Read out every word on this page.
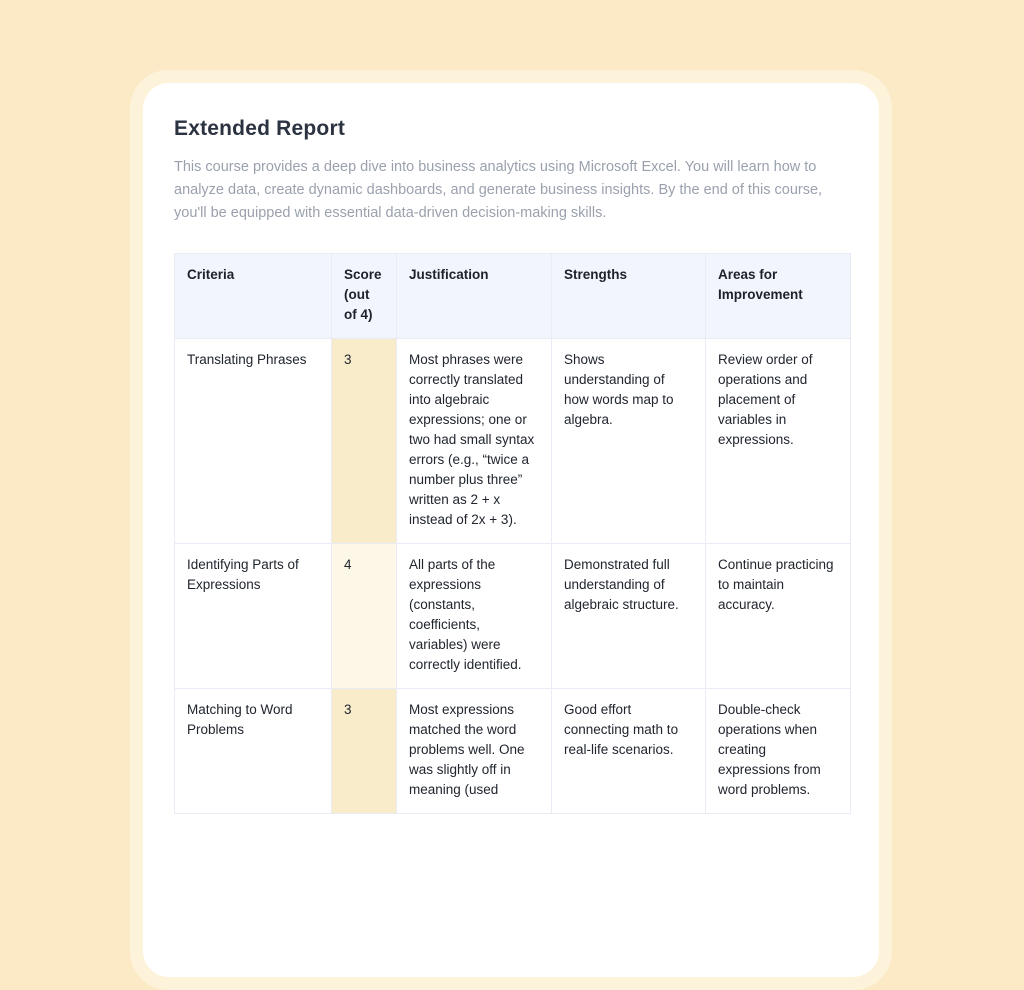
Extended Report

This course provides a deep dive into business analytics using Microsoft Excel. You will learn how to analyze data, create dynamic dashboards, and generate business insights. By the end of this course, you'll be equipped with essential data-driven decision-making skills.

Criteria	Score (out of 4)	Justification	Strengths	Areas for Improvement
Translating Phrases	3	Most phrases were correctly translated into algebraic expressions; one or two had small syntax errors (e.g., “twice a number plus three” written as 2 + x instead of 2x + 3).	Shows understanding of how words map to algebra.	Review order of operations and placement of variables in expressions.
Identifying Parts of Expressions	4	All parts of the expressions (constants, coefficients, variables) were correctly identified.	Demonstrated full understanding of algebraic structure.	Continue practicing to maintain accuracy.
Matching to Word Problems	3	Most expressions matched the word problems well. One was slightly off in meaning (used	Good effort connecting math to real-life scenarios.	Double-check operations when creating expressions from word problems.
